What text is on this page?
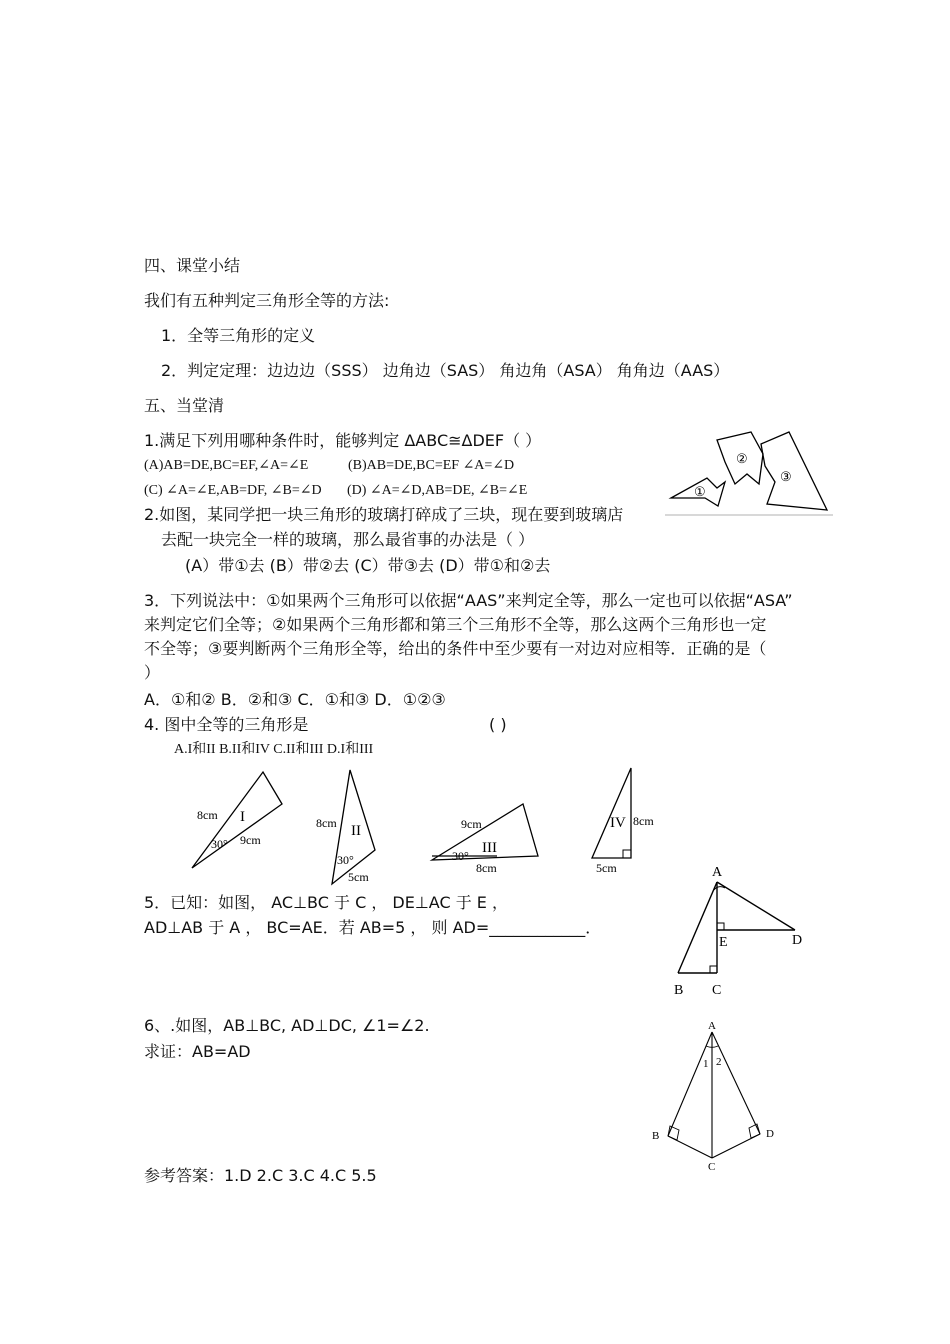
四、课堂小结
我们有五种判定三角形全等的方法:
1．全等三角形的定义
2．判定定理：边边边（SSS） 边角边（SAS） 角边角（ASA） 角角边（AAS）
五、当堂清
1.满足下列用哪种条件时，能够判定 ΔABC≅ΔDEF（ ）
(A)AB=DE,BC=EF,∠A=∠E	(B)AB=DE,BC=EF ∠A=∠D
(C) ∠A=∠E,AB=DF, ∠B=∠D (D) ∠A=∠D,AB=DE, ∠B=∠E
2.如图，某同学把一块三角形的玻璃打碎成了三块，现在要到玻璃店
去配一块完全一样的玻璃，那么最省事的办法是（ ）
(A）带①去 (B）带②去 (C）带③去 (D）带①和②去
①
②
③
3．下列说法中：①如果两个三角形可以依据“AAS”来判定全等，那么一定也可以依据“ASA”
来判定它们全等；②如果两个三角形都和第三个三角形不全等，那么这两个三角形也一定
不全等；③要判断两个三角形全等，给出的条件中至少要有一对边对应相等．正确的是（
）
A．①和② B．②和③ C．①和③ D．①②③
4. 图中全等的三角形是	( )
A.I和II B.II和IV C.II和III D.I和III
I
8cm
9cm
30°
II
8cm
5cm
30°
III
9cm
8cm
30°
IV 8cm
5cm
5．已知：如图， AC⊥BC 于 C ， DE⊥AC 于 E ，
AD⊥AB 于 A ， BC=AE．若 AB=5 ， 则 AD=____________．
A
B C
D
E
6、.如图，AB⊥BC, AD⊥DC, ∠1=∠2.
求证：AB=AD
A
B
C
D
1 2
参考答案：1.D 2.C 3.C 4.C 5.5
